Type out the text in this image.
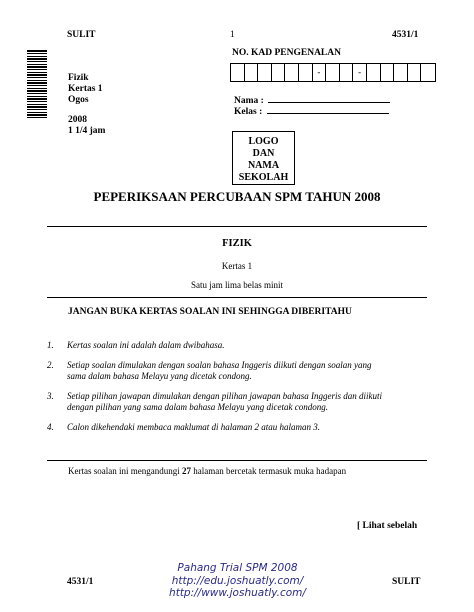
SULIT	1	4531/1
Fizik
Kertas 1
Ogos
2008
1 1/4 jam
NO. KAD PENGENALAN
-	-
Nama :
Kelas :
LOGO
DAN
NAMA
SEKOLAH
PEPERIKSAAN PERCUBAAN SPM TAHUN 2008
FIZIK
Kertas 1
Satu jam lima belas minit
JANGAN BUKA KERTAS SOALAN INI SEHINGGA DIBERITAHU
1.	Kertas soalan ini adalah dalam dwibahasa.
2.	Setiap soalan dimulakan dengan soalan bahasa Inggeris diikuti dengan soalan yang sama dalam bahasa Melayu yang dicetak condong.
3.	Setiap pilihan jawapan dimulakan dengan pilihan jawapan bahasa Inggeris dan diikuti dengan pilihan yang sama dalam bahasa Melayu yang dicetak condong.
4.	Calon dikehendaki membaca maklumat di halaman 2 atau halaman 3.
Kertas soalan ini mengandungi 27 halaman bercetak termasuk muka hadapan
[ Lihat sebelah
Pahang Trial SPM 2008
http://edu.joshuatly.com/
http://www.joshuatly.com/
4531/1	SULIT
